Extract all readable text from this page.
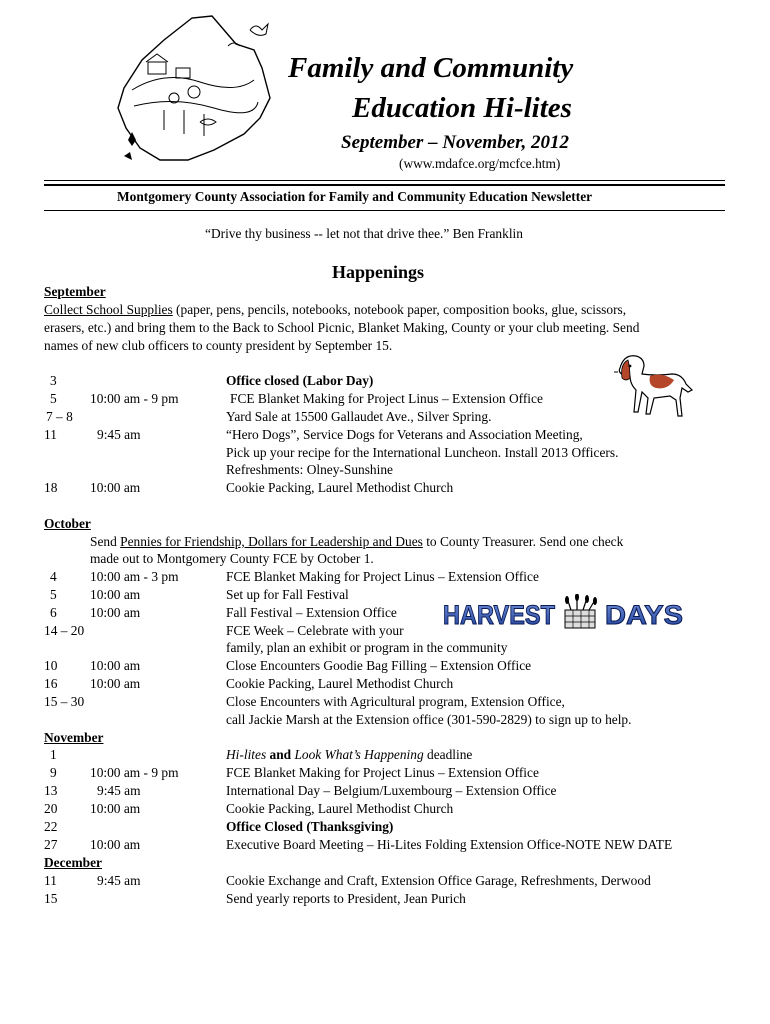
Family and Community
Education Hi-lites
September – November, 2012
(www.mdafce.org/mcfce.htm)
Montgomery County Association for Family and Community Education Newsletter
“Drive thy business -- let not that drive thee.” Ben Franklin
Happenings
September
Collect School Supplies (paper, pens, pencils, notebooks, notebook paper, composition books, glue, scissors,
erasers, etc.) and bring them to the Back to School Picnic, Blanket Making, County or your club meeting. Send
names of new club officers to county president by September 15.
3	Office closed (Labor Day)
5 10:00 am - 9 pm	FCE Blanket Making for Project Linus – Extension Office
7 – 8	Yard Sale at 15500 Gallaudet Ave., Silver Spring.
11	9:45 am	“Hero Dogs”, Service Dogs for Veterans and Association Meeting,
Pick up your recipe for the International Luncheon. Install 2013 Officers.
Refreshments: Olney-Sunshine
18 10:00 am	Cookie Packing, Laurel Methodist Church
October
Send Pennies for Friendship, Dollars for Leadership and Dues to County Treasurer. Send one check
made out to Montgomery County FCE by October 1.
4 10:00 am - 3 pm	FCE Blanket Making for Project Linus – Extension Office
5 10:00 am	Set up for Fall Festival
6 10:00 am	Fall Festival – Extension Office
14 – 20	FCE Week – Celebrate with your
family, plan an exhibit or program in the community
10 10:00 am	Close Encounters Goodie Bag Filling – Extension Office
16 10:00 am	Cookie Packing, Laurel Methodist Church
15 – 30	Close Encounters with Agricultural program, Extension Office,
call Jackie Marsh at the Extension office (301-590-2829) to sign up to help.
HARVEST DAYS
November
1	Hi-lites and Look What’s Happening deadline
9 10:00 am - 9 pm	FCE Blanket Making for Project Linus – Extension Office
13	9:45 am	International Day – Belgium/Luxembourg – Extension Office
20 10:00 am	Cookie Packing, Laurel Methodist Church
22	Office Closed (Thanksgiving)
27 10:00 am	Executive Board Meeting – Hi-Lites Folding Extension Office-NOTE NEW DATE
December
11	9:45 am	Cookie Exchange and Craft, Extension Office Garage, Refreshments, Derwood
15	Send yearly reports to President, Jean Purich
